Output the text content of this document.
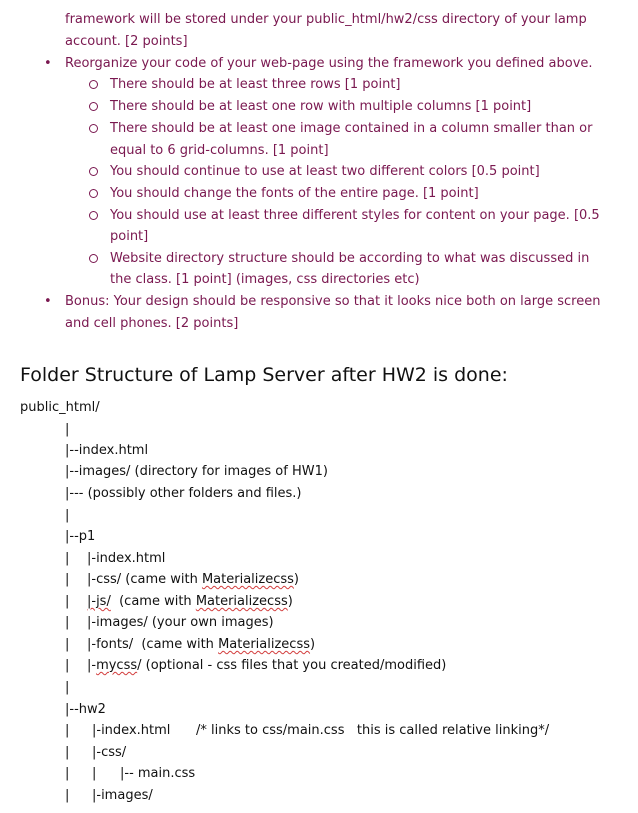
framework will be stored under your public_html/hw2/css directory of your lamp
account. [2 points]
• Reorganize your code of your web-page using the framework you defined above.
There should be at least three rows [1 point]
There should be at least one row with multiple columns [1 point]
There should be at least one image contained in a column smaller than or
equal to 6 grid-columns. [1 point]
You should continue to use at least two different colors [0.5 point]
You should change the fonts of the entire page. [1 point]
You should use at least three different styles for content on your page. [0.5
point]
Website directory structure should be according to what was discussed in
the class. [1 point] (images, css directories etc)
• Bonus: Your design should be responsive so that it looks nice both on large screen
and cell phones. [2 points]
Folder Structure of Lamp Server after HW2 is done:
public_html/
|
|--index.html
|--images/ (directory for images of HW1)
|--- (possibly other folders and files.)
|
|--p1
| |-index.html
| |-css/ (came with Materializecss)
| |-js/  (came with Materializecss)
| |-images/ (your own images)
| |-fonts/  (came with Materializecss)
| |-mycss/ (optional - css files that you created/modified)
|
|--hw2
| |-index.html /* links to css/main.css   this is called relative linking*/
| |-css/
| | |-- main.css
| |-images/
